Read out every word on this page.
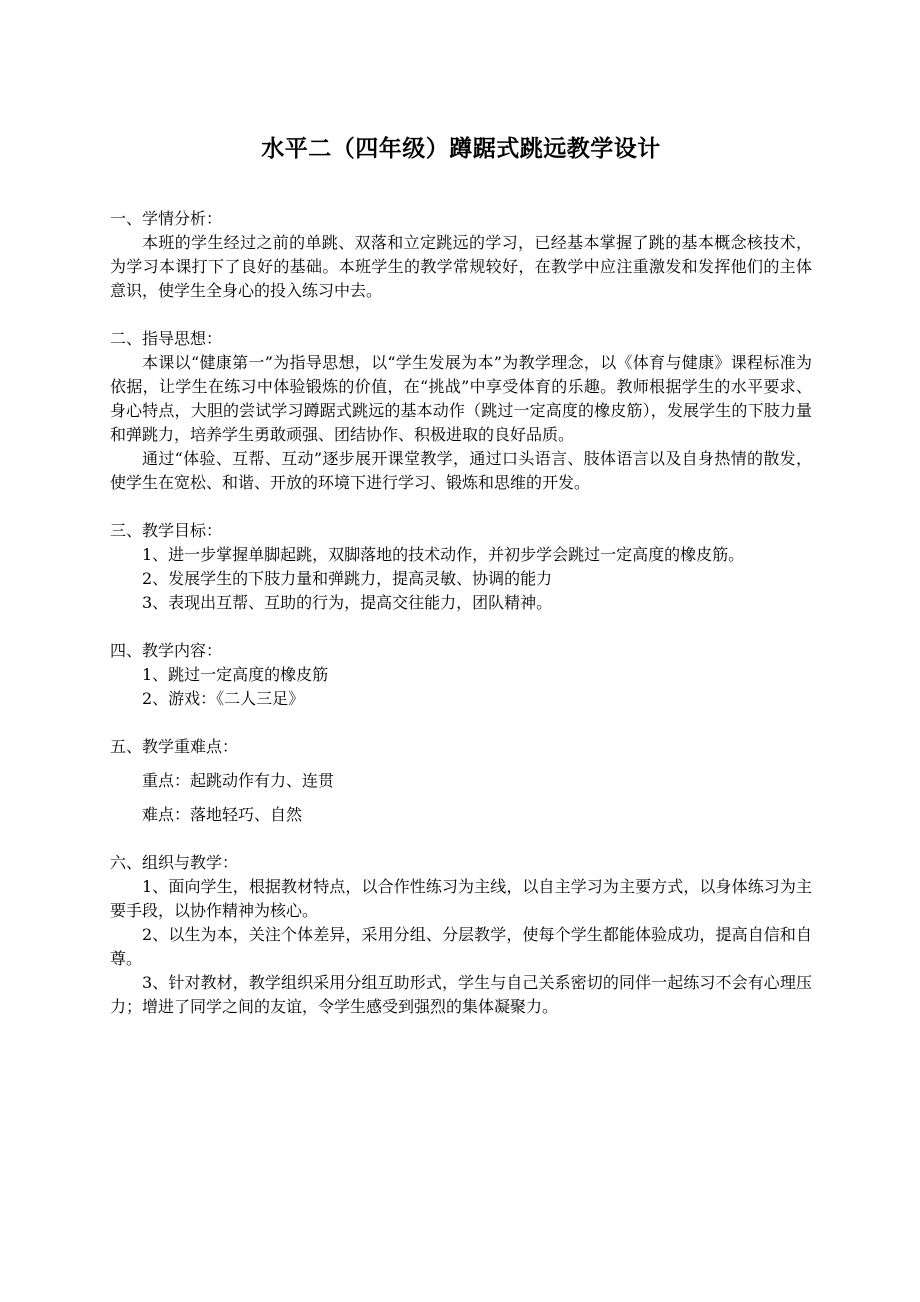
水平二（四年级）蹲踞式跳远教学设计

一、学情分析：

本班的学生经过之前的单跳、双落和立定跳远的学习，已经基本掌握了跳的基本概念核技术，为学习本课打下了良好的基础。本班学生的教学常规较好，在教学中应注重激发和发挥他们的主体意识，使学生全身心的投入练习中去。

二、指导思想：

本课以“健康第一”为指导思想，以“学生发展为本”为教学理念，以《体育与健康》课程标准为依据，让学生在练习中体验锻炼的价值，在“挑战”中享受体育的乐趣。教师根据学生的水平要求、身心特点，大胆的尝试学习蹲踞式跳远的基本动作（跳过一定高度的橡皮筋），发展学生的下肢力量和弹跳力，培养学生勇敢顽强、团结协作、积极进取的良好品质。

通过“体验、互帮、互动”逐步展开课堂教学，通过口头语言、肢体语言以及自身热情的散发，使学生在宽松、和谐、开放的环境下进行学习、锻炼和思维的开发。

三、教学目标：

1、进一步掌握单脚起跳，双脚落地的技术动作，并初步学会跳过一定高度的橡皮筋。

2、发展学生的下肢力量和弹跳力，提高灵敏、协调的能力

3、表现出互帮、互助的行为，提高交往能力，团队精神。

四、教学内容：

1、跳过一定高度的橡皮筋

2、游戏：《二人三足》

五、教学重难点：

重点：起跳动作有力、连贯

难点：落地轻巧、自然

六、组织与教学：

1、面向学生，根据教材特点，以合作性练习为主线，以自主学习为主要方式，以身体练习为主要手段，以协作精神为核心。

2、以生为本，关注个体差异，采用分组、分层教学，使每个学生都能体验成功，提高自信和自尊。

3、针对教材，教学组织采用分组互助形式，学生与自己关系密切的同伴一起练习不会有心理压力；增进了同学之间的友谊，令学生感受到强烈的集体凝聚力。
